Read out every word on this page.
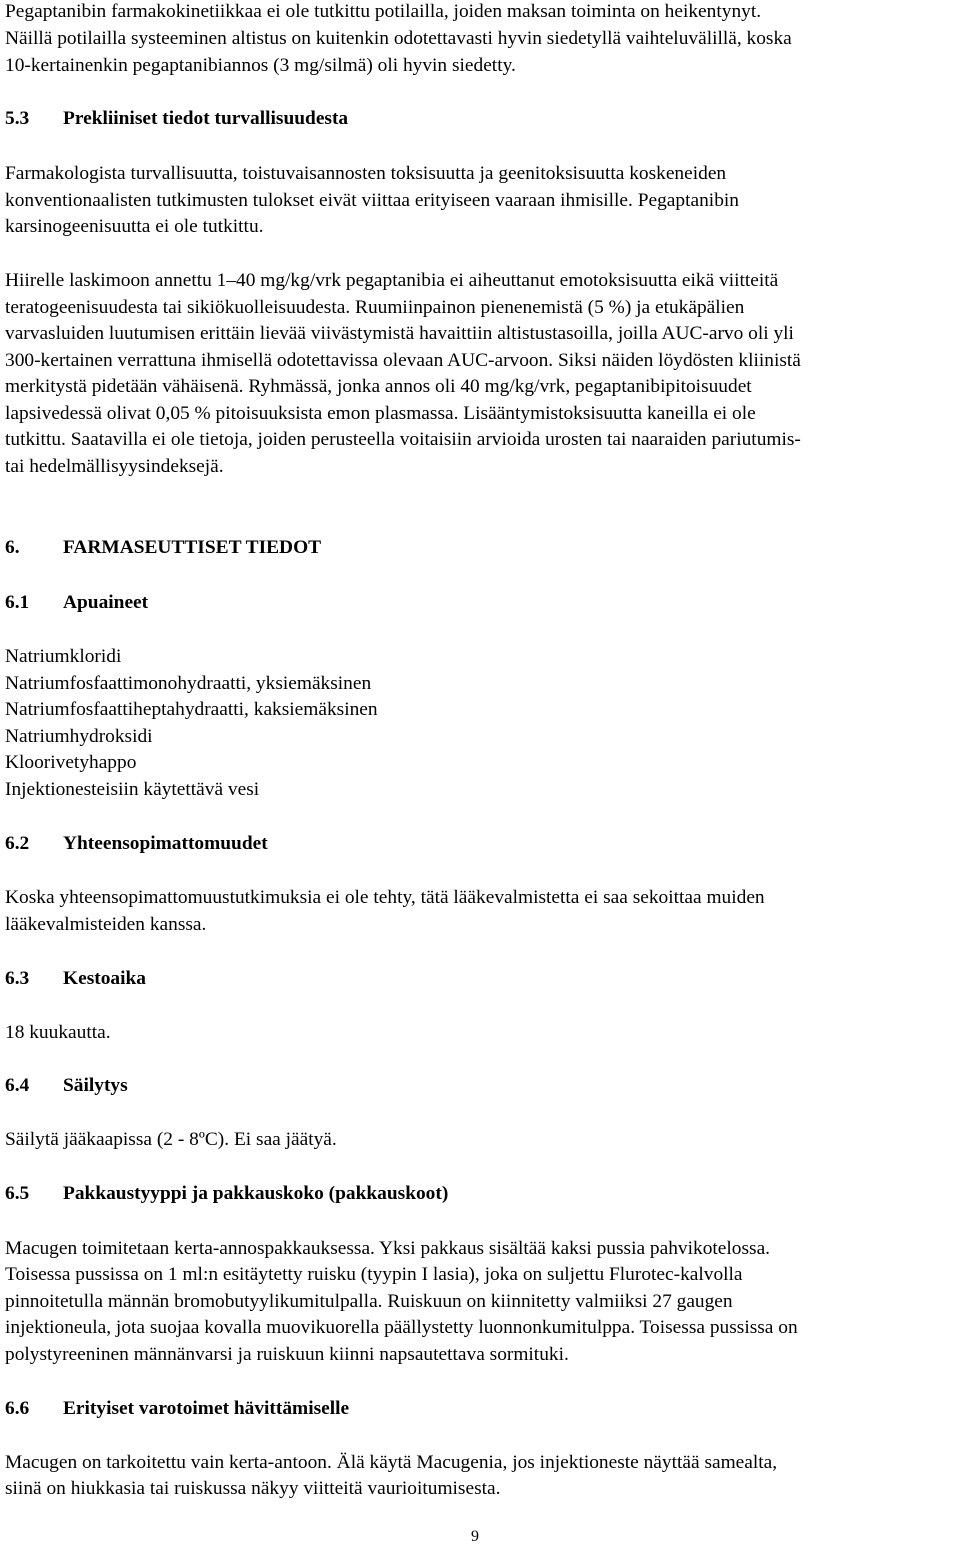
Pegaptanibin farmakokinetiikkaa ei ole tutkittu potilailla, joiden maksan toiminta on heikentynyt.
Näillä potilailla systeeminen altistus on kuitenkin odotettavasti hyvin siedetyllä vaihteluvälillä, koska
10-kertainenkin pegaptanibiannos (3 mg/silmä) oli hyvin siedetty.
5.3 Prekliiniset tiedot turvallisuudesta
Farmakologista turvallisuutta, toistuvaisannosten toksisuutta ja geenitoksisuutta koskeneiden
konventionaalisten tutkimusten tulokset eivät viittaa erityiseen vaaraan ihmisille. Pegaptanibin
karsinogeenisuutta ei ole tutkittu.
Hiirelle laskimoon annettu 1–40 mg/kg/vrk pegaptanibia ei aiheuttanut emotoksisuutta eikä viitteitä
teratogeenisuudesta tai sikiökuolleisuudesta. Ruumiinpainon pienenemistä (5 %) ja etukäpälien
varvasluiden luutumisen erittäin lievää viivästymistä havaittiin altistustasoilla, joilla AUC-arvo oli yli
300-kertainen verrattuna ihmisellä odotettavissa olevaan AUC-arvoon. Siksi näiden löydösten kliinistä
merkitystä pidetään vähäisenä. Ryhmässä, jonka annos oli 40 mg/kg/vrk, pegaptanibipitoisuudet
lapsivedessä olivat 0,05 % pitoisuuksista emon plasmassa. Lisääntymistoksisuutta kaneilla ei ole
tutkittu. Saatavilla ei ole tietoja, joiden perusteella voitaisiin arvioida urosten tai naaraiden pariutumis-
tai hedelmällisyysindeksejä.
6. FARMASEUTTISET TIEDOT
6.1 Apuaineet
Natriumkloridi
Natriumfosfaattimonohydraatti, yksiemäksinen
Natriumfosfaattiheptahydraatti, kaksiemäksinen
Natriumhydroksidi
Kloorivetyhappo
Injektionesteisiin käytettävä vesi
6.2 Yhteensopimattomuudet
Koska yhteensopimattomuustutkimuksia ei ole tehty, tätä lääkevalmistetta ei saa sekoittaa muiden
lääkevalmisteiden kanssa.
6.3 Kestoaika
18 kuukautta.
6.4 Säilytys
Säilytä jääkaapissa (2 - 8ºC). Ei saa jäätyä.
6.5 Pakkaustyyppi ja pakkauskoko (pakkauskoot)
Macugen toimitetaan kerta-annospakkauksessa. Yksi pakkaus sisältää kaksi pussia pahvikotelossa.
Toisessa pussissa on 1 ml:n esitäytetty ruisku (tyypin I lasia), joka on suljettu Flurotec-kalvolla
pinnoitetulla männän bromobutyylikumitulpalla. Ruiskuun on kiinnitetty valmiiksi 27 gaugen
injektioneula, jota suojaa kovalla muovikuorella päällystetty luonnonkumitulppa. Toisessa pussissa on
polystyreeninen männänvarsi ja ruiskuun kiinni napsautettava sormituki.
6.6 Erityiset varotoimet hävittämiselle
Macugen on tarkoitettu vain kerta-antoon. Älä käytä Macugenia, jos injektioneste näyttää samealta,
siinä on hiukkasia tai ruiskussa näkyy viitteitä vaurioitumisesta.
9
